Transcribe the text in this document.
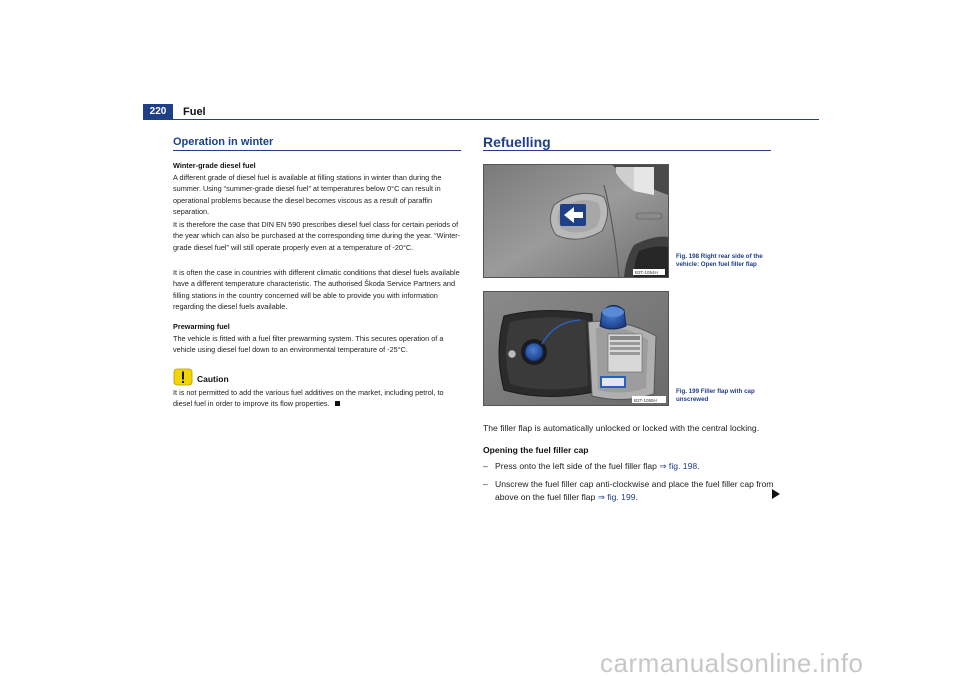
220	Fuel
Operation in winter
Winter-grade diesel fuel
A different grade of diesel fuel is available at filling stations in winter than during the summer. Using “summer-grade diesel fuel” at temperatures below 0°C can result in operational problems because the diesel becomes viscous as a result of paraffin separation.
It is therefore the case that DIN EN 590 prescribes diesel fuel class for certain periods of the year which can also be purchased at the corresponding time during the year. “Winter-grade diesel fuel” will still operate properly even at a temperature of -20°C.
It is often the case in countries with different climatic conditions that diesel fuels available have a different temperature characteristic. The authorised Škoda Service Partners and filling stations in the country concerned will be able to provide you with information regarding the diesel fuels available.
Prewarming fuel
The vehicle is fitted with a fuel filter prewarming system. This secures operation of a vehicle using diesel fuel down to an environmental temperature of -25°C.
Caution
It is not permitted to add the various fuel additives on the market, including petrol, to diesel fuel in order to improve its flow properties.
Refuelling
B3T-1054H
Fig. 198 Right rear side of the vehicle: Open fuel filler flap
B3T-1055H
Fig. 199 Filler flap with cap unscrewed
The filler flap is automatically unlocked or locked with the central locking.
Opening the fuel filler cap
– Press onto the left side of the fuel filler flap ⇒ fig. 198.
– Unscrew the fuel filler cap anti-clockwise and place the fuel filler cap from above on the fuel filler flap ⇒ fig. 199.
carmanualsonline.info
